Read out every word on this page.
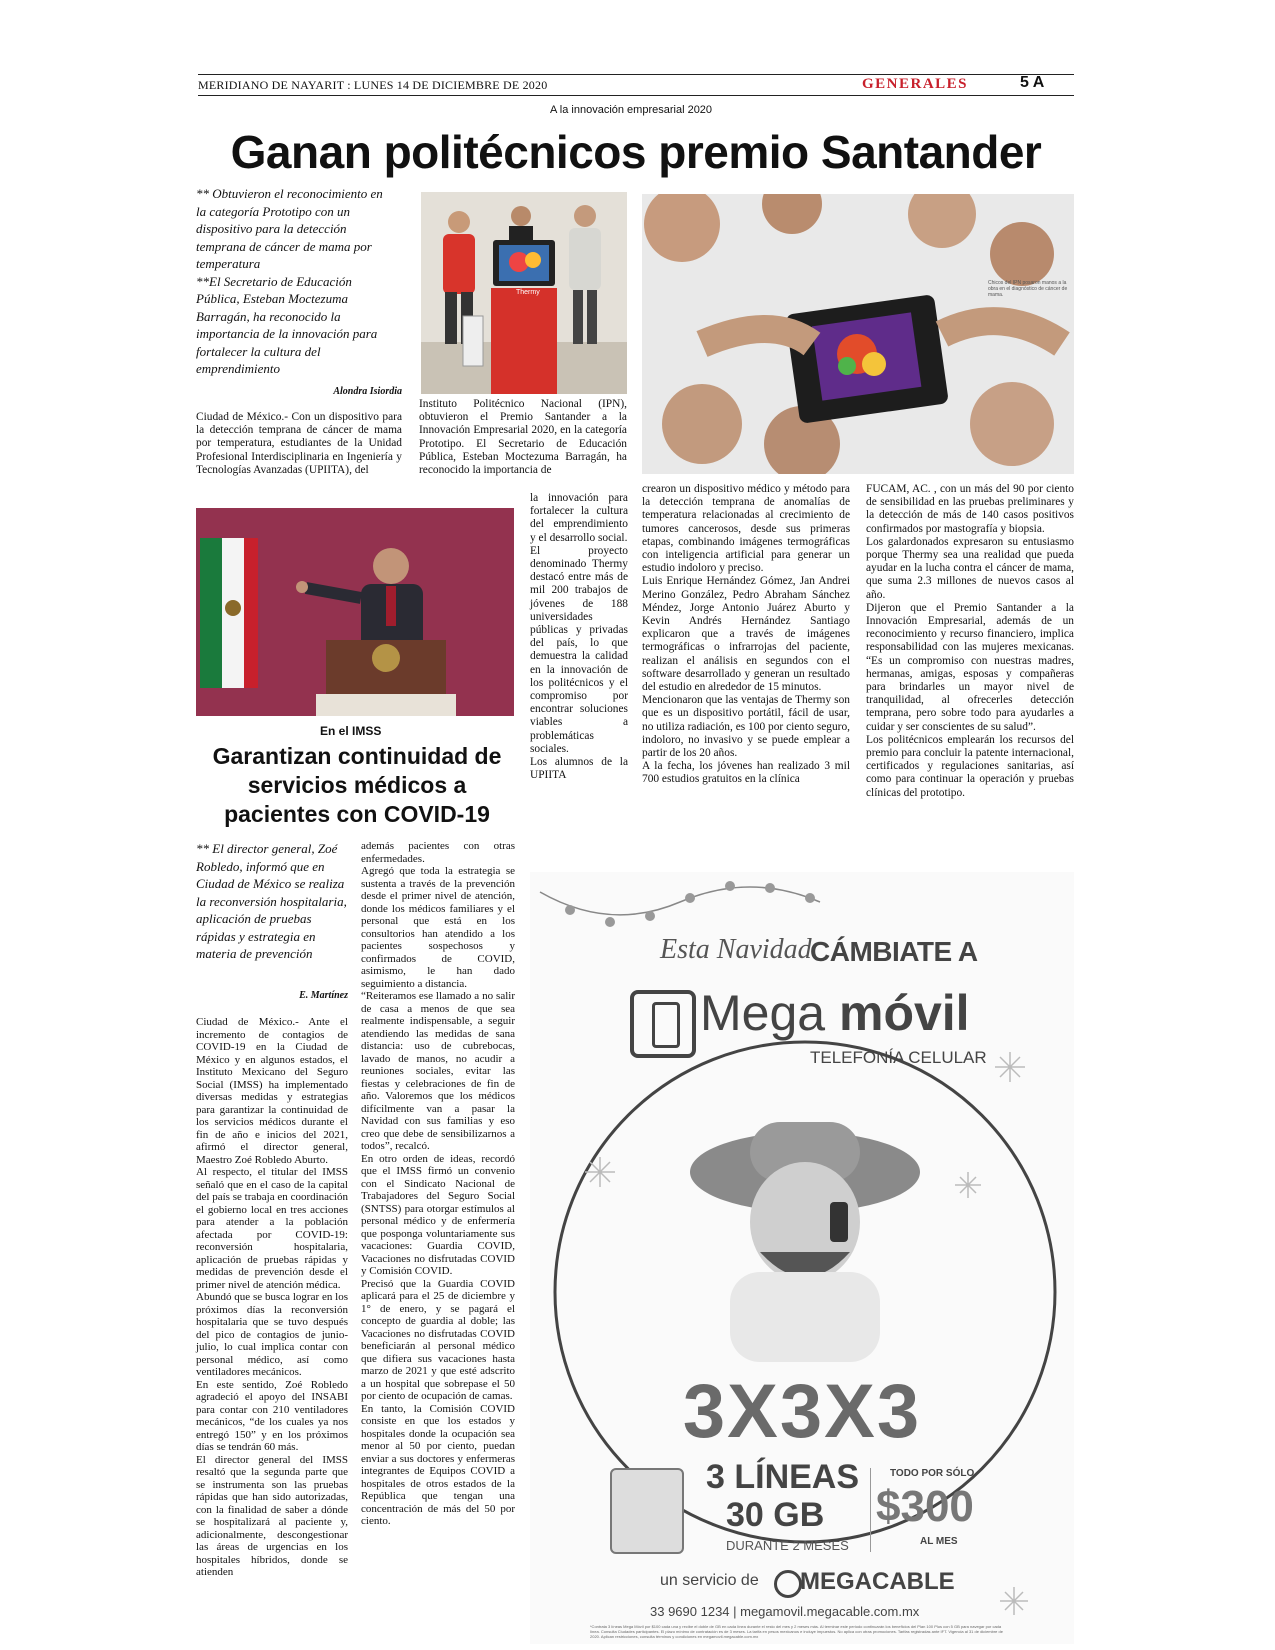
MERIDIANO DE NAYARIT : LUNES 14 DE DICIEMBRE DE 2020	GENERALES	5 A
A la innovación empresarial 2020
Ganan politécnicos premio Santander
** Obtuvieron el reconocimiento en la categoría Prototipo con un dispositivo para la detección temprana de cáncer de mama por temperatura
**El Secretario de Educación Pública, Esteban Moctezuma Barragán, ha reconocido la importancia de la innovación para fortalecer la cultura del emprendimiento
Alondra Isiordia
Ciudad de México.- Con un dispositivo para la detección temprana de cáncer de mama por temperatura, estudiantes de la Unidad Profesional Interdisciplinaria en Ingeniería y Tecnologías Avanzadas (UPIITA), del
Thermy
Instituto Politécnico Nacional (IPN), obtuvieron el Premio Santander a la Innovación Empresarial 2020, en la categoría Prototipo. El Secretario de Educación Pública, Esteban Moctezuma Barragán, ha reconocido la importancia de
la innovación para fortalecer la cultura del emprendimiento y el desarrollo social.
El proyecto denominado Thermy destacó entre más de mil 200 trabajos de jóvenes de 188 universidades públicas y privadas del país, lo que demuestra la calidad en la innovación de los politécnicos y el compromiso por encontrar soluciones viables a problemáticas sociales.
Los alumnos de la UPIITA
Chicos del IPN posaron manos a la obra en el diagnóstico de cáncer de mama.
crearon un dispositivo médico y método para la detección temprana de anomalías de temperatura relacionadas al crecimiento de tumores cancerosos, desde sus primeras etapas, combinando imágenes termográficas con inteligencia artificial para generar un estudio indoloro y preciso.
Luis Enrique Hernández Gómez, Jan Andrei Merino González, Pedro Abraham Sánchez Méndez, Jorge Antonio Juárez Aburto y Kevin Andrés Hernández Santiago explicaron que a través de imágenes termográficas o infrarrojas del paciente, realizan el análisis en segundos con el software desarrollado y generan un resultado del estudio en alrededor de 15 minutos.
Mencionaron que las ventajas de Thermy son que es un dispositivo portátil, fácil de usar, no utiliza radiación, es 100 por ciento seguro, indoloro, no invasivo y se puede emplear a partir de los 20 años.
A la fecha, los jóvenes han realizado 3 mil 700 estudios gratuitos en la clínica
FUCAM, AC. , con un más del 90 por ciento de sensibilidad en las pruebas preliminares y la detección de más de 140 casos positivos confirmados por mastografía y biopsia.
Los galardonados expresaron su entusiasmo porque Thermy sea una realidad que pueda ayudar en la lucha contra el cáncer de mama, que suma 2.3 millones de nuevos casos al año.
Dijeron que el Premio Santander a la Innovación Empresarial, además de un reconocimiento y recurso financiero, implica responsabilidad con las mujeres mexicanas. “Es un compromiso con nuestras madres, hermanas, amigas, esposas y compañeras para brindarles un mayor nivel de tranquilidad, al ofrecerles detección temprana, pero sobre todo para ayudarles a cuidar y ser conscientes de su salud”.
Los politécnicos emplearán los recursos del premio para concluir la patente internacional, certificados y regulaciones sanitarias, así como para continuar la operación y pruebas clínicas del prototipo.
En el IMSS
Garantizan continuidad de servicios médicos a pacientes con COVID-19
** El director general, Zoé Robledo, informó que en Ciudad de México se realiza la reconversión hospitalaria, aplicación de pruebas rápidas y estrategia en materia de prevención
E. Martínez
Ciudad de México.- Ante el incremento de contagios de COVID-19 en la Ciudad de México y en algunos estados, el Instituto Mexicano del Seguro Social (IMSS) ha implementado diversas medidas y estrategias para garantizar la continuidad de los servicios médicos durante el fin de año e inicios del 2021, afirmó el director general, Maestro Zoé Robledo Aburto.
Al respecto, el titular del IMSS señaló que en el caso de la capital del país se trabaja en coordinación el gobierno local en tres acciones para atender a la población afectada por COVID-19: reconversión hospitalaria, aplicación de pruebas rápidas y medidas de prevención desde el primer nivel de atención médica.
Abundó que se busca lograr en los próximos días la reconversión hospitalaria que se tuvo después del pico de contagios de junio-julio, lo cual implica contar con personal médico, así como ventiladores mecánicos.
En este sentido, Zoé Robledo agradeció el apoyo del INSABI para contar con 210 ventiladores mecánicos, “de los cuales ya nos entregó 150” y en los próximos días se tendrán 60 más.
El director general del IMSS resaltó que la segunda parte que se instrumenta son las pruebas rápidas que han sido autorizadas, con la finalidad de saber a dónde se hospitalizará al paciente y, adicionalmente, descongestionar las áreas de urgencias en los hospitales híbridos, donde se atienden
además pacientes con otras enfermedades.
Agregó que toda la estrategia se sustenta a través de la prevención desde el primer nivel de atención, donde los médicos familiares y el personal que está en los consultorios han atendido a los pacientes sospechosos y confirmados de COVID, asimismo, le han dado seguimiento a distancia.
“Reiteramos ese llamado a no salir de casa a menos de que sea realmente indispensable, a seguir atendiendo las medidas de sana distancia: uso de cubrebocas, lavado de manos, no acudir a reuniones sociales, evitar las fiestas y celebraciones de fin de año. Valoremos que los médicos difícilmente van a pasar la Navidad con sus familias y eso creo que debe de sensibilizarnos a todos”, recalcó.
En otro orden de ideas, recordó que el IMSS firmó un convenio con el Sindicato Nacional de Trabajadores del Seguro Social (SNTSS) para otorgar estímulos al personal médico y de enfermería que posponga voluntariamente sus vacaciones: Guardia COVID, Vacaciones no disfrutadas COVID y Comisión COVID.
Precisó que la Guardia COVID aplicará para el 25 de diciembre y 1° de enero, y se pagará el concepto de guardia al doble; las Vacaciones no disfrutadas COVID beneficiarán al personal médico que difiera sus vacaciones hasta marzo de 2021 y que esté adscrito a un hospital que sobrepase el 50 por ciento de ocupación de camas.
En tanto, la Comisión COVID consiste en que los estados y hospitales donde la ocupación sea menor al 50 por ciento, puedan enviar a sus doctores y enfermeras integrantes de Equipos COVID a hospitales de otros estados de la República que tengan una concentración de más del 50 por ciento.
Esta Navidad
CÁMBIATE A
Mega móvil
TELEFONÍA CELULAR
3X3X3
3 LÍNEAS
30 GB
DURANTE 2 MESES
TODO POR SÓLO
$300
AL MES
un servicio de MEGACABLE
33 9690 1234 | megamovil.megacable.com.mx
*Contrata 3 líneas Mega Móvil por $100 cada una y recibe el doble de GB en cada línea durante el resto del mes y 2 meses más. Al terminar este periodo continuarán los beneficios del Plan 100 Plus con 5 GB para navegar por cada línea. Consulta Ciudades participantes. El plazo mínimo de contratación es de 3 meses. La tarifa en pesos mexicanos e incluye impuestos. No aplica con otras promociones. Tarifas registradas ante IFT. Vigencia al 31 de diciembre de 2020. Aplican restricciones, consulta términos y condiciones en megamovil.megacable.com.mx
